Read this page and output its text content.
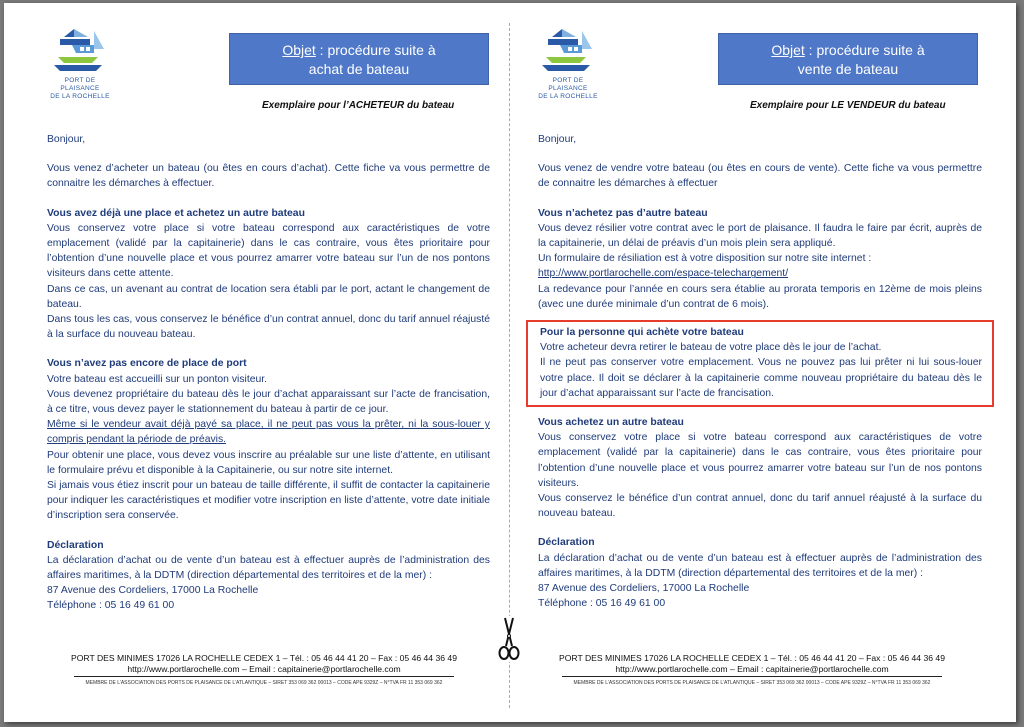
PORT DE PLAISANCE
DE LA ROCHELLE
Objet : procédure suite à
achat de bateau
Exemplaire pour l’ACHETEUR du bateau

Bonjour,

Vous venez d’acheter un bateau (ou êtes en cours d’achat). Cette fiche va vous permettre de connaitre les démarches à effectuer.

Vous avez déjà une place et achetez un autre bateau

Vous conservez votre place si votre bateau correspond aux caractéristiques de votre emplacement (validé par la capitainerie) dans le cas contraire, vous êtes prioritaire pour l’obtention d’une nouvelle place et vous pourrez amarrer votre bateau sur l’un de nos pontons visiteurs dans cette attente.

Dans ce cas, un avenant au contrat de location sera établi par le port, actant le changement de bateau.

Dans tous les cas, vous conservez le bénéfice d’un contrat annuel, donc du tarif annuel réajusté à la surface du nouveau bateau.

Vous n’avez pas encore de place de port

Votre bateau est accueilli sur un ponton visiteur.

Vous devenez propriétaire du bateau dès le jour d’achat apparaissant sur l’acte de francisation, à ce titre, vous devez payer le stationnement du bateau à partir de ce jour.

Même si le vendeur avait déjà payé sa place, il ne peut pas vous la prêter, ni la sous-louer y compris pendant la période de préavis.

Pour obtenir une place, vous devez vous inscrire au préalable sur une liste d’attente, en utilisant le formulaire prévu et disponible à la Capitainerie, ou sur notre site internet.

Si jamais vous étiez inscrit pour un bateau de taille différente, il suffit de contacter la capitainerie pour indiquer les caractéristiques et modifier votre inscription en liste d’attente, votre date initiale d’inscription sera conservée.

Déclaration

La déclaration d’achat ou de vente d’un bateau est à effectuer auprès de l’administration des affaires maritimes, à la DDTM (direction départemental des territoires et de la mer) :

87 Avenue des Cordeliers, 17000 La Rochelle

Téléphone : 05 16 49 61 00

PORT DES MINIMES 17026 LA ROCHELLE CEDEX 1 – Tél. : 05 46 44 41 20 – Fax : 05 46 44 36 49
http://www.portlarochelle.com – Email : capitainerie@portlarochelle.com
MEMBRE DE L’ASSOCIATION DES PORTS DE PLAISANCE DE L’ATLANTIQUE – SIRET 353 069 362 00013 – CODE APE 9329Z – N°TVA FR 11 353 069 362
PORT DE PLAISANCE
DE LA ROCHELLE
Objet : procédure suite à
vente de bateau
Exemplaire pour LE VENDEUR du bateau

Bonjour,

Vous venez de vendre votre bateau (ou êtes en cours de vente). Cette fiche va vous permettre de connaitre les démarches à effectuer

Vous n’achetez pas d’autre bateau

Vous devez résilier votre contrat avec le port de plaisance. Il faudra le faire par écrit, auprès de la capitainerie, un délai de préavis d’un mois plein sera appliqué.

Un formulaire de résiliation est à votre disposition sur notre site internet :

http://www.portlarochelle.com/espace-telechargement/

La redevance pour l’année en cours sera établie au prorata temporis en 12ème de mois pleins (avec une durée minimale d’un contrat de 6 mois).

Pour la personne qui achète votre bateau

Votre acheteur devra retirer le bateau de votre place dès le jour de l’achat.

Il ne peut pas conserver votre emplacement. Vous ne pouvez pas lui prêter ni lui sous-louer votre place. Il doit se déclarer à la capitainerie comme nouveau propriétaire du bateau dès le jour d’achat apparaissant sur l’acte de francisation.

Vous achetez un autre bateau

Vous conservez votre place si votre bateau correspond aux caractéristiques de votre emplacement (validé par la capitainerie) dans le cas contraire, vous êtes prioritaire pour l’obtention d’une nouvelle place et vous pourrez amarrer votre bateau sur l’un de nos pontons visiteurs.

Vous conservez le bénéfice d’un contrat annuel, donc du tarif annuel réajusté à la surface du nouveau bateau.

Déclaration

La déclaration d’achat ou de vente d’un bateau est à effectuer auprès de l’administration des affaires maritimes, à la DDTM (direction départemental des territoires et de la mer) :

87 Avenue des Cordeliers, 17000 La Rochelle

Téléphone : 05 16 49 61 00

PORT DES MINIMES 17026 LA ROCHELLE CEDEX 1 – Tél. : 05 46 44 41 20 – Fax : 05 46 44 36 49
http://www.portlarochelle.com – Email : capitainerie@portlarochelle.com
MEMBRE DE L’ASSOCIATION DES PORTS DE PLAISANCE DE L’ATLANTIQUE – SIRET 353 069 362 00013 – CODE APE 9329Z – N°TVA FR 11 353 069 362
